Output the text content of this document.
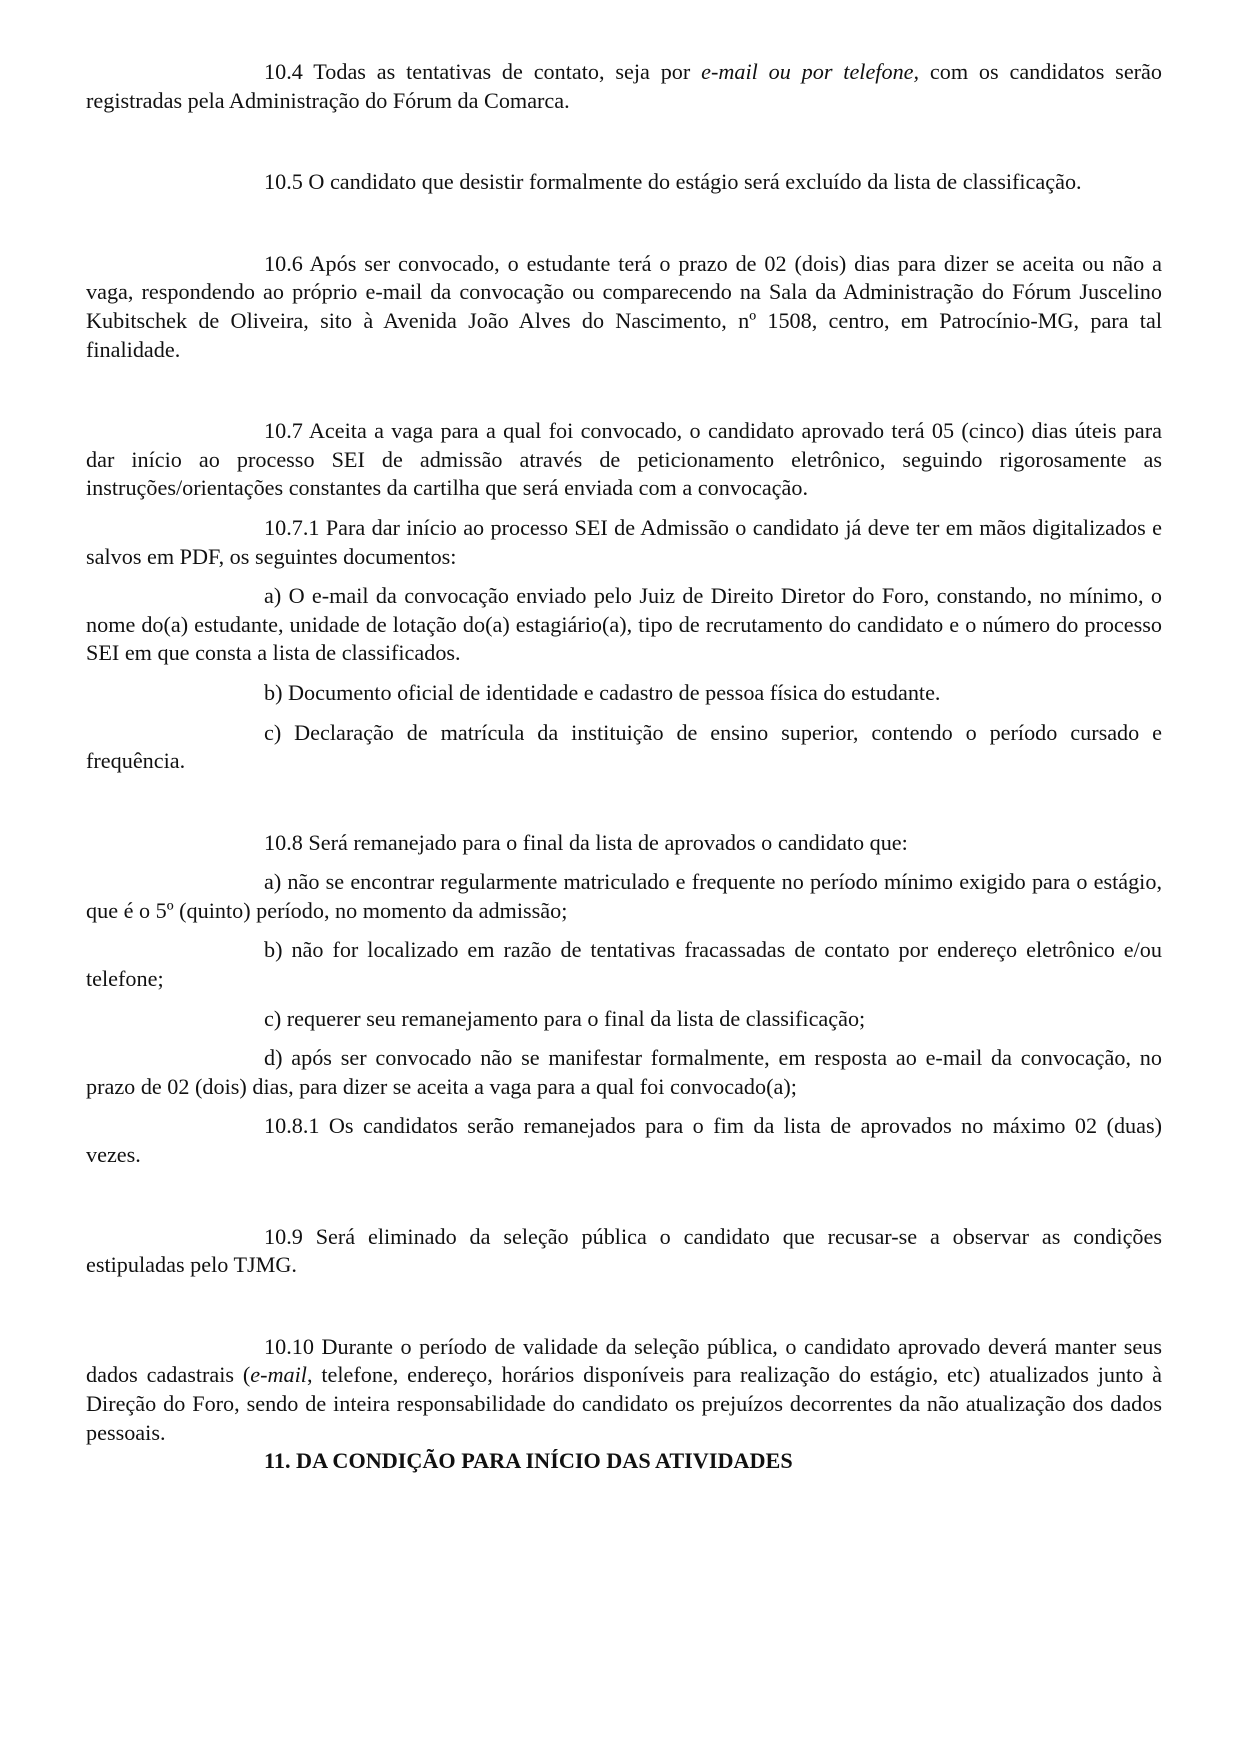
10.4 Todas as tentativas de contato, seja por e-mail ou por telefone, com os candidatos serão registradas pela Administração do Fórum da Comarca.

10.5 O candidato que desistir formalmente do estágio será excluído da lista de classificação.

10.6 Após ser convocado, o estudante terá o prazo de 02 (dois) dias para dizer se aceita ou não a vaga, respondendo ao próprio e-mail da convocação ou comparecendo na Sala da Administração do Fórum Juscelino Kubitschek de Oliveira, sito à Avenida João Alves do Nascimento, nº 1508, centro, em Patrocínio-MG, para tal finalidade.

10.7 Aceita a vaga para a qual foi convocado, o candidato aprovado terá 05 (cinco) dias úteis para dar início ao processo SEI de admissão através de peticionamento eletrônico, seguindo rigorosamente as instruções/orientações constantes da cartilha que será enviada com a convocação.

10.7.1 Para dar início ao processo SEI de Admissão o candidato já deve ter em mãos digitalizados e salvos em PDF, os seguintes documentos:

a) O e-mail da convocação enviado pelo Juiz de Direito Diretor do Foro, constando, no mínimo, o nome do(a) estudante, unidade de lotação do(a) estagiário(a), tipo de recrutamento do candidato e o número do processo SEI em que consta a lista de classificados.

b) Documento oficial de identidade e cadastro de pessoa física do estudante.

c) Declaração de matrícula da instituição de ensino superior, contendo o período cursado e frequência.

10.8 Será remanejado para o final da lista de aprovados o candidato que:

a) não se encontrar regularmente matriculado e frequente no período mínimo exigido para o estágio, que é o 5º (quinto) período, no momento da admissão;

b) não for localizado em razão de tentativas fracassadas de contato por endereço eletrônico e/ou telefone;

c) requerer seu remanejamento para o final da lista de classificação;

d) após ser convocado não se manifestar formalmente, em resposta ao e-mail da convocação, no prazo de 02 (dois) dias, para dizer se aceita a vaga para a qual foi convocado(a);

10.8.1 Os candidatos serão remanejados para o fim da lista de aprovados no máximo 02 (duas) vezes.

10.9 Será eliminado da seleção pública o candidato que recusar-se a observar as condições estipuladas pelo TJMG.

10.10 Durante o período de validade da seleção pública, o candidato aprovado deverá manter seus dados cadastrais (e-mail, telefone, endereço, horários disponíveis para realização do estágio, etc) atualizados junto à Direção do Foro, sendo de inteira responsabilidade do candidato os prejuízos decorrentes da não atualização dos dados pessoais.

11. DA CONDIÇÃO PARA INÍCIO DAS ATIVIDADES
